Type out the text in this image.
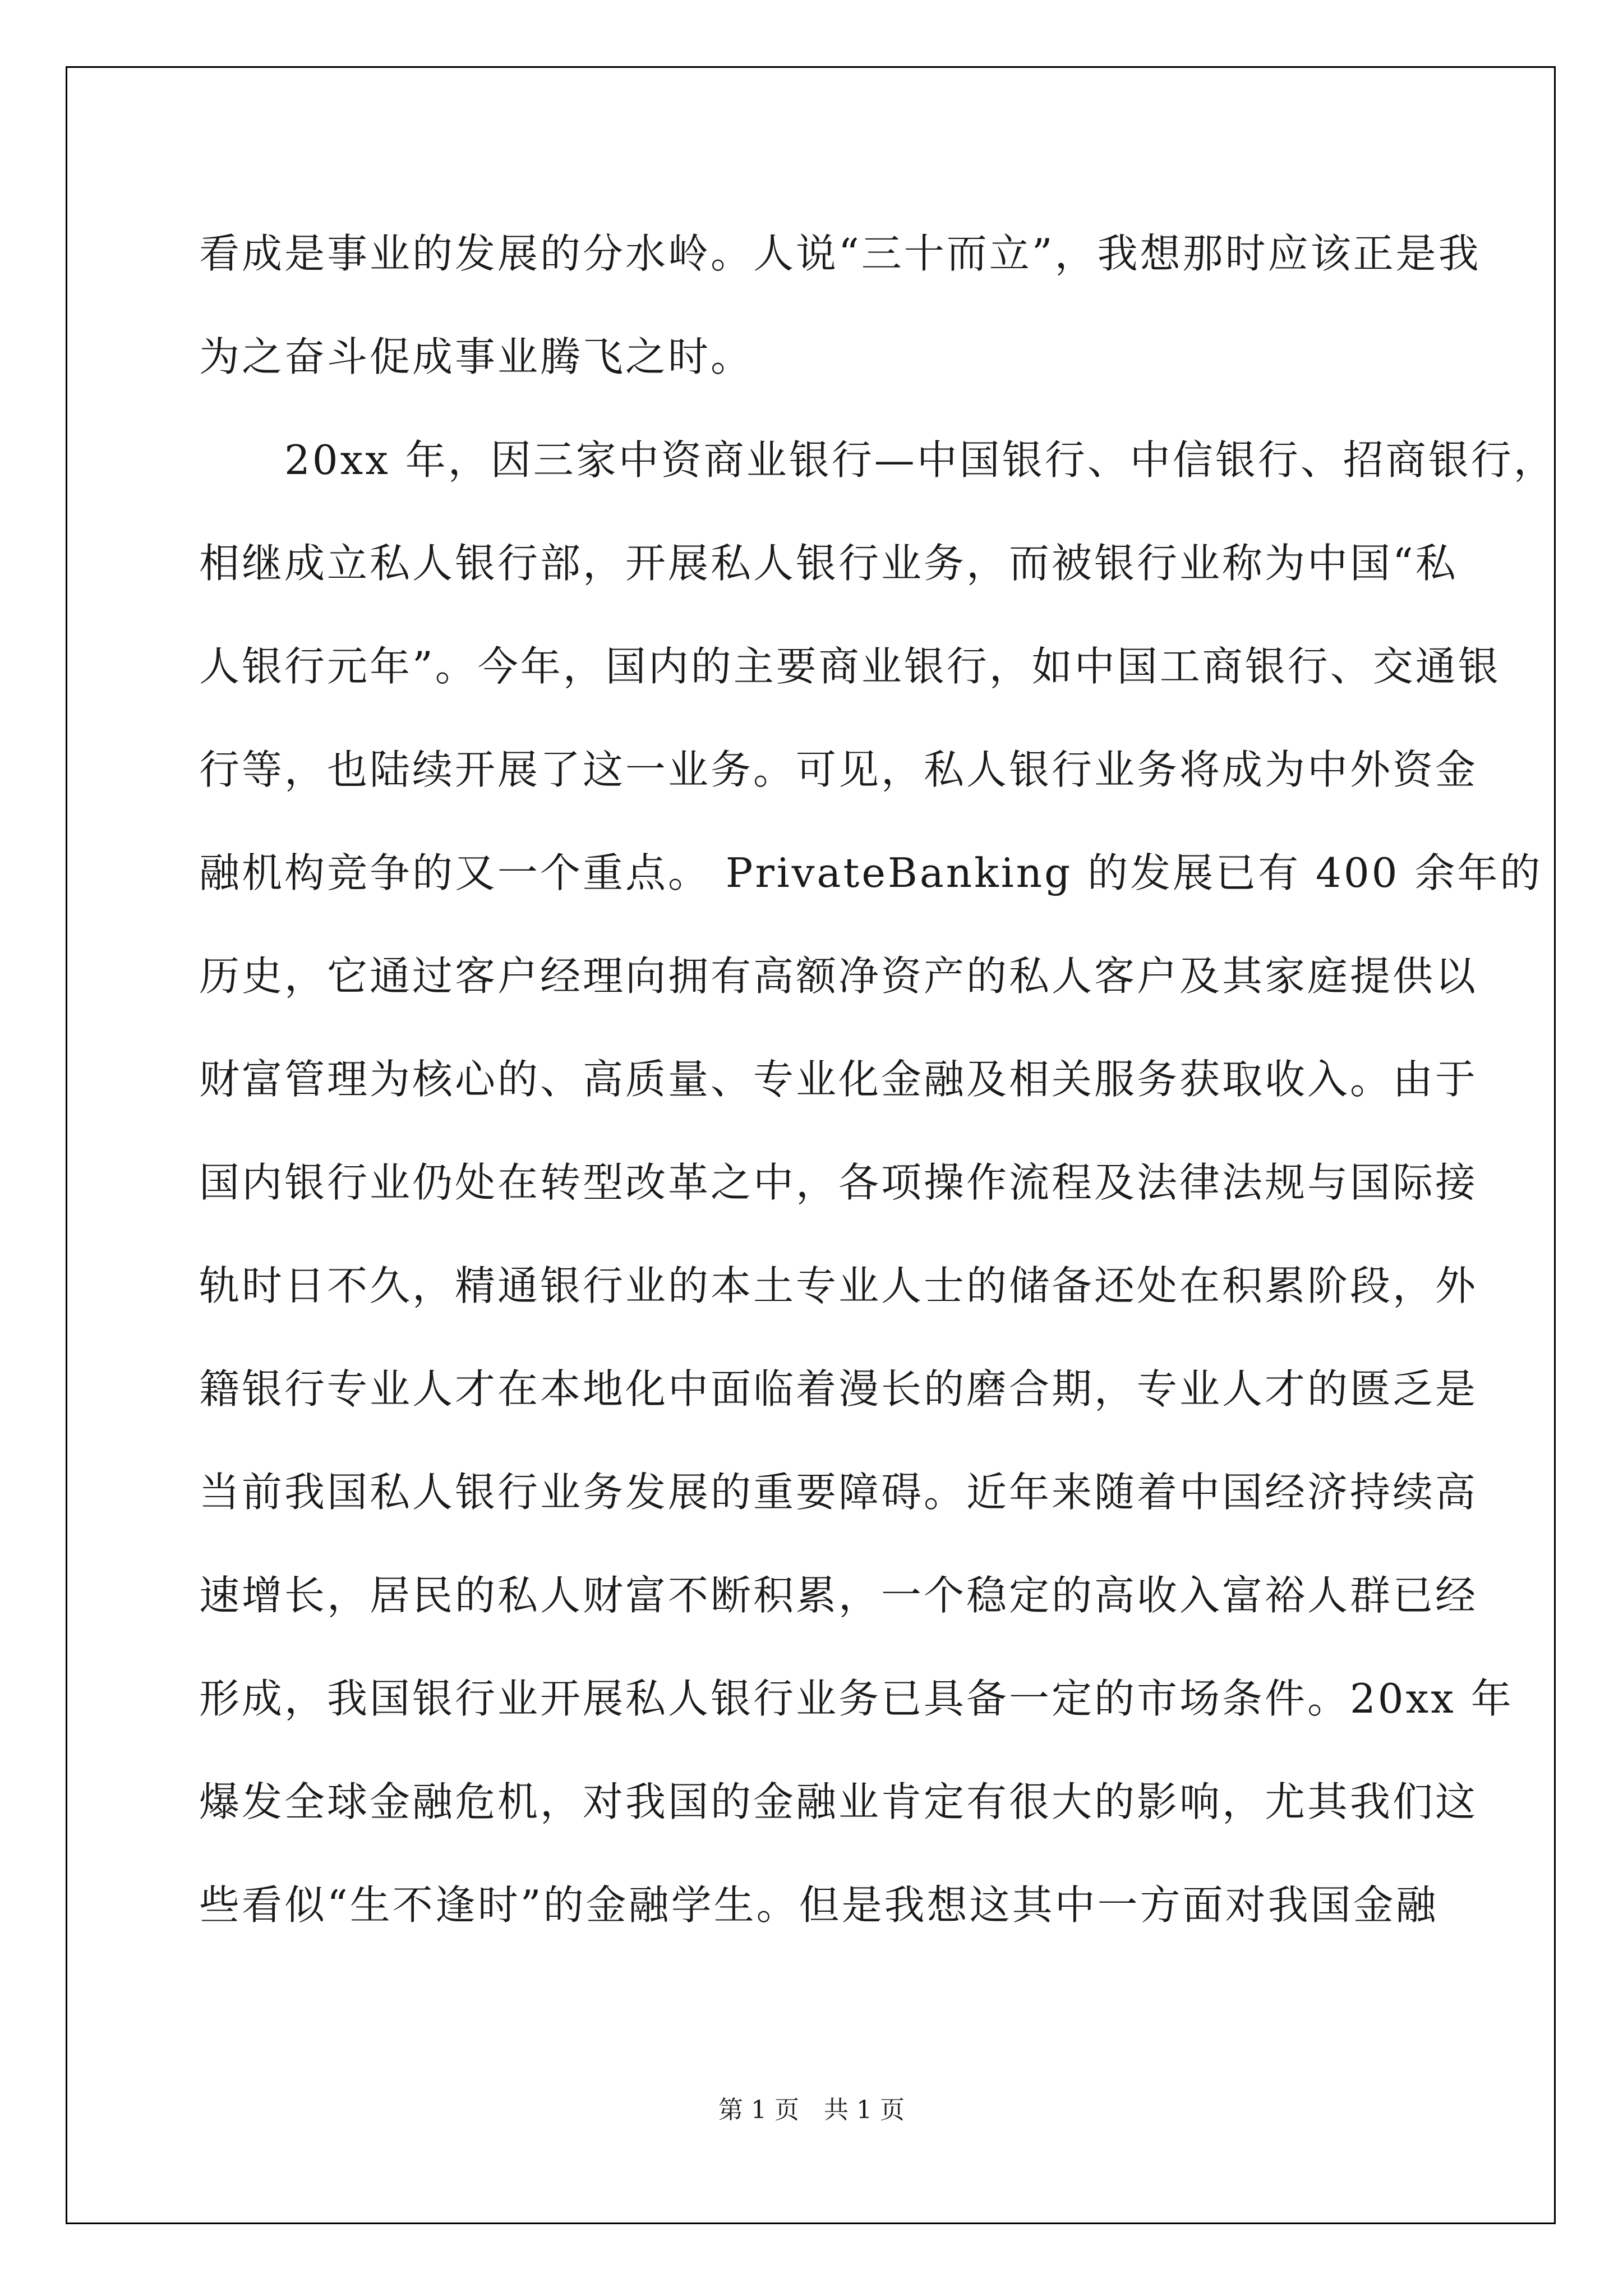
看成是事业的发展的分水岭。人说“三十而立”，我想那时应该正是我
为之奋斗促成事业腾飞之时。
　　20xx 年，因三家中资商业银行—中国银行、中信银行、招商银行，
相继成立私人银行部，开展私人银行业务，而被银行业称为中国“私
人银行元年”。今年，国内的主要商业银行，如中国工商银行、交通银
行等，也陆续开展了这一业务。可见，私人银行业务将成为中外资金
融机构竞争的又一个重点。 PrivateBanking 的发展已有 400 余年的
历史，它通过客户经理向拥有高额净资产的私人客户及其家庭提供以
财富管理为核心的、高质量、专业化金融及相关服务获取收入。由于
国内银行业仍处在转型改革之中，各项操作流程及法律法规与国际接
轨时日不久，精通银行业的本土专业人士的储备还处在积累阶段，外
籍银行专业人才在本地化中面临着漫长的磨合期，专业人才的匮乏是
当前我国私人银行业务发展的重要障碍。近年来随着中国经济持续高
速增长，居民的私人财富不断积累，一个稳定的高收入富裕人群已经
形成，我国银行业开展私人银行业务已具备一定的市场条件。20xx 年
爆发全球金融危机，对我国的金融业肯定有很大的影响，尤其我们这
些看似“生不逢时”的金融学生。但是我想这其中一方面对我国金融
第 1 页　共 1 页
